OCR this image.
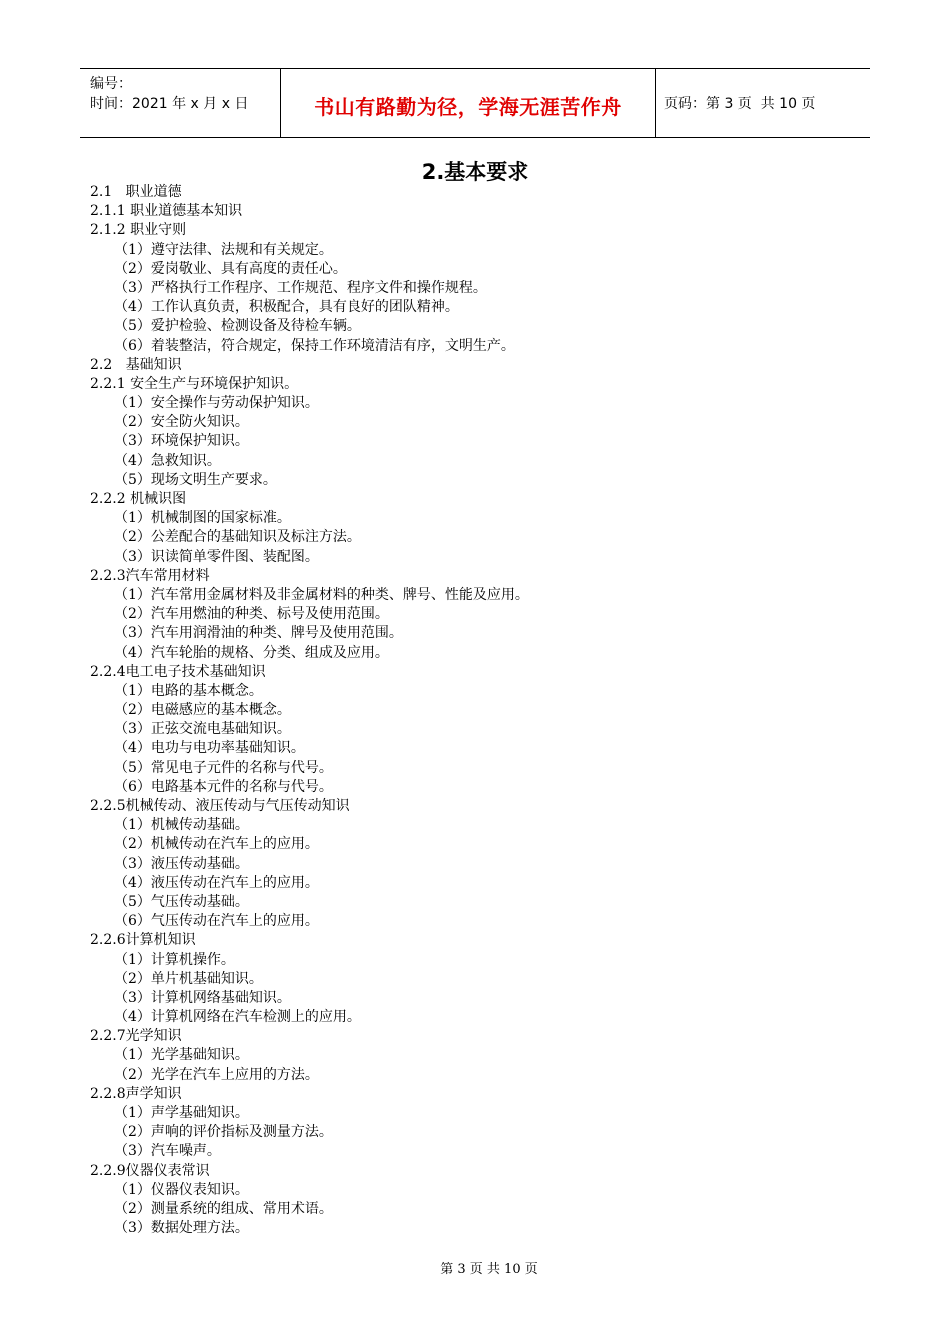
编号：
时间：2021 年 x 月 x 日	书山有路勤为径，学海无涯苦作舟	页码：第 3 页  共 10 页
2.基本要求
2.1   职业道德
2.1.1 职业道德基本知识
2.1.2 职业守则
（1）遵守法律、法规和有关规定。
（2）爱岗敬业、具有高度的责任心。
（3）严格执行工作程序、工作规范、程序文件和操作规程。
（4）工作认真负责，积极配合，具有良好的团队精神。
（5）爱护检验、检测设备及待检车辆。
（6）着装整洁，符合规定，保持工作环境清洁有序，文明生产。
2.2   基础知识
2.2.1 安全生产与环境保护知识。
（1）安全操作与劳动保护知识。
（2）安全防火知识。
（3）环境保护知识。
（4）急救知识。
（5）现场文明生产要求。
2.2.2 机械识图
（1）机械制图的国家标准。
（2）公差配合的基础知识及标注方法。
（3）识读简单零件图、装配图。
2.2.3汽车常用材料
（1）汽车常用金属材料及非金属材料的种类、牌号、性能及应用。
（2）汽车用燃油的种类、标号及使用范围。
（3）汽车用润滑油的种类、牌号及使用范围。
（4）汽车轮胎的规格、分类、组成及应用。
2.2.4电工电子技术基础知识
（1）电路的基本概念。
（2）电磁感应的基本概念。
（3）正弦交流电基础知识。
（4）电功与电功率基础知识。
（5）常见电子元件的名称与代号。
（6）电路基本元件的名称与代号。
2.2.5机械传动、液压传动与气压传动知识
（1）机械传动基础。
（2）机械传动在汽车上的应用。
（3）液压传动基础。
（4）液压传动在汽车上的应用。
（5）气压传动基础。
（6）气压传动在汽车上的应用。
2.2.6计算机知识
（1）计算机操作。
（2）单片机基础知识。
（3）计算机网络基础知识。
（4）计算机网络在汽车检测上的应用。
2.2.7光学知识
（1）光学基础知识。
（2）光学在汽车上应用的方法。
2.2.8声学知识
（1）声学基础知识。
（2）声响的评价指标及测量方法。
（3）汽车噪声。
2.2.9仪器仪表常识
（1）仪器仪表知识。
（2）测量系统的组成、常用术语。
（3）数据处理方法。
第 3 页 共 10 页
